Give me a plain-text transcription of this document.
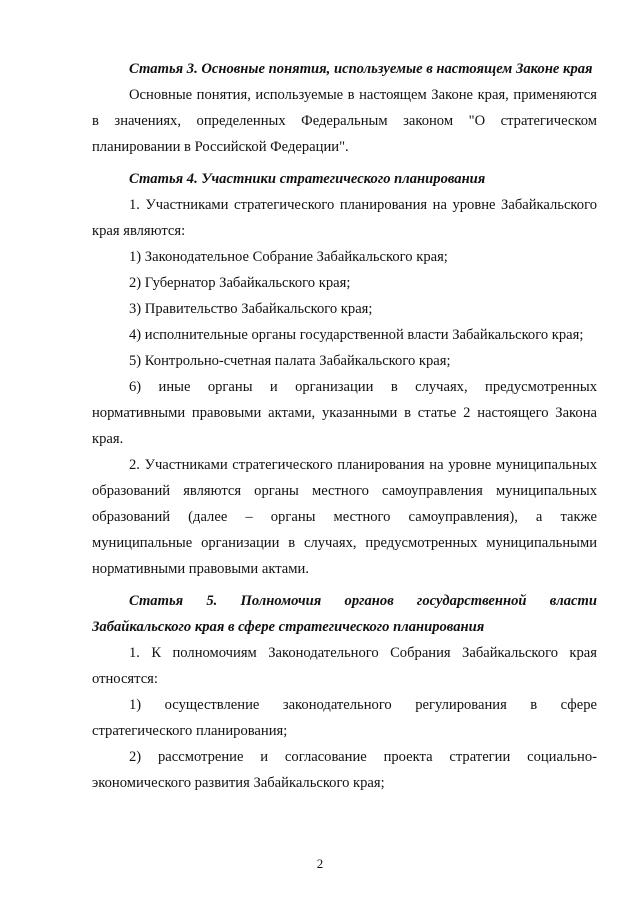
Статья 3. Основные понятия, используемые в настоящем Законе края

Основные понятия, используемые в настоящем Законе края, применяются в значениях, определенных Федеральным законом "О стратегическом планировании в Российской Федерации".

Статья 4. Участники стратегического планирования

1. Участниками стратегического планирования на уровне Забайкальского края являются:

1) Законодательное Собрание Забайкальского края;

2) Губернатор Забайкальского края;

3) Правительство Забайкальского края;

4) исполнительные органы государственной власти Забайкальского края;

5) Контрольно-счетная палата Забайкальского края;

6) иные органы и организации в случаях, предусмотренных нормативными правовыми актами, указанными в статье 2 настоящего Закона края.

2. Участниками стратегического планирования на уровне муниципальных образований являются органы местного самоуправления муниципальных образований (далее – органы местного самоуправления), а также муниципальные организации в случаях, предусмотренных муниципальными нормативными правовыми актами.

Статья 5. Полномочия органов государственной власти Забайкальского края в сфере стратегического планирования

1. К полномочиям Законодательного Собрания Забайкальского края относятся:

1) осуществление законодательного регулирования в сфере стратегического планирования;

2) рассмотрение и согласование проекта стратегии социально-экономического развития Забайкальского края;

2
